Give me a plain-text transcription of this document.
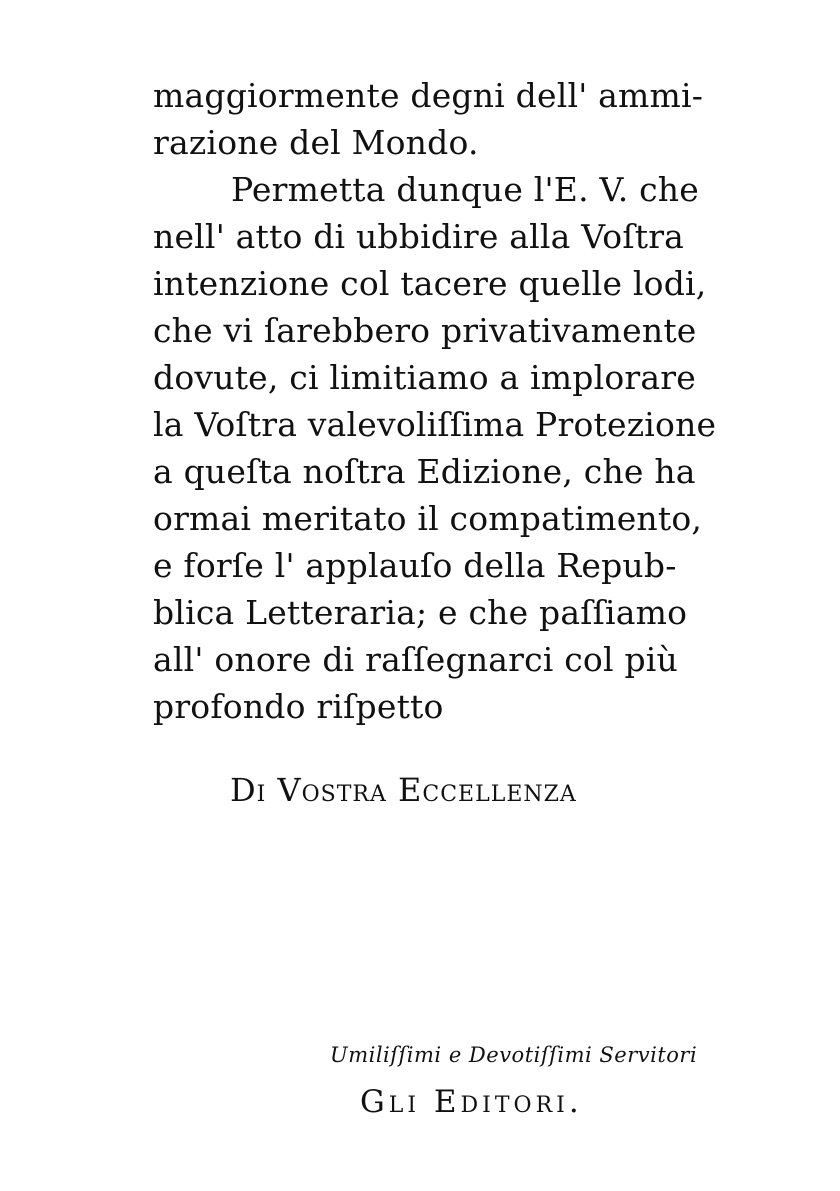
maggiormente degni dell' ammi-
razione del Mondo.
Permetta dunque l'E. V. che
nell' atto di ubbidire alla Voſtra
intenzione col tacere quelle lodi,
che vi ſarebbero privativamente
dovute, ci limitiamo a implorare
la Voſtra valevoliſſima Protezione
a queſta noſtra Edizione, che ha
ormai meritato il compatimento,
e forſe l' applauſo della Repub-
blica Letteraria; e che paſſiamo
all' onore di raſſegnarci col più
profondo riſpetto
Di Vostra Eccellenza
Umiliſſimi e Devotiſſimi Servitori
Gli Editori.
